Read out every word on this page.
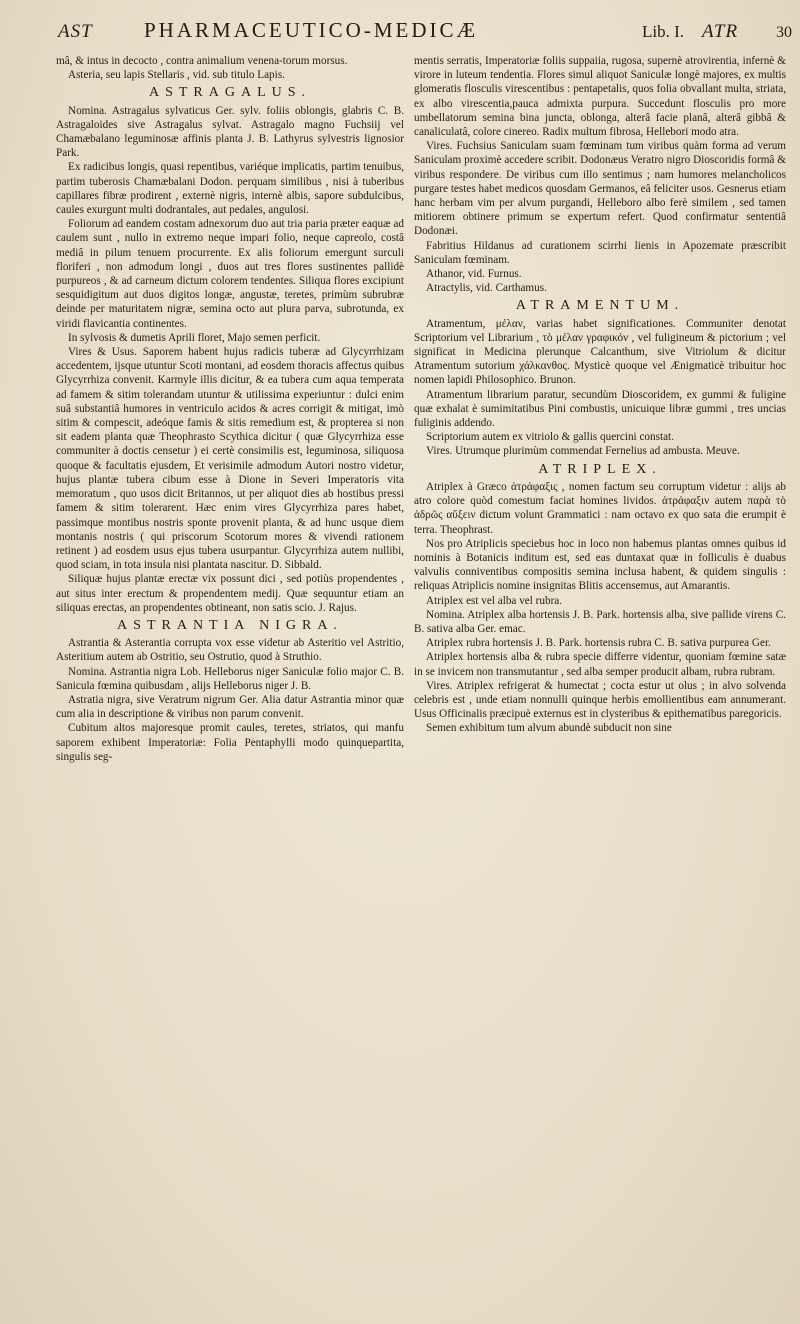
AST	PHARMACEUTICO-MEDICÆ	Lib. I. ATR	30

mâ, & intus in decocto , contra animalium venena-torum morsus.

Asteria, seu lapis Stellaris , vid. sub titulo Lapis.

ASTRAGALUS.

Nomina. Astragalus sylvaticus Ger. sylv. foliis oblongis, glabris C. B. Astragaloides sive Astragalus sylvat. Astragalo magno Fuchsiij vel Chamæbalano leguminosæ affinis planta J. B. Lathyrus sylvestris lignosior Park.

Ex radicibus longis, quasi repentibus, variéque implicatis, partim tenuibus, partim tuberosis Chamæbalani Dodon. perquam similibus , nisi à tuberibus capillares fibræ prodirent , externè nigris, internè albis, sapore subdulcibus, caules exurgunt multi dodrantales, aut pedales, angulosi.

Foliorum ad eandem costam adnexorum duo aut tria paria præter eaquæ ad caulem sunt , nullo in extremo neque impari folio, neque capreolo, costâ mediâ in pilum tenuem procurrente. Ex alis foliorum emergunt surculi floriferi , non admodum longi , duos aut tres flores sustinentes pallidè purpureos , & ad carneum dictum colorem tendentes. Siliqua flores excipiunt sesquidigitum aut duos digitos longæ, angustæ, teretes, primùm subrubræ deinde per maturitatem nigræ, semina octo aut plura parva, subrotunda, ex viridi flavicantia continentes.

In sylvosis & dumetis Aprili floret, Majo semen perficit.

Vires & Usus. Saporem habent hujus radicis tuberæ ad Glycyrrhizam accedentem, ijsque utuntur Scoti montani, ad eosdem thoracis affectus quibus Glycyrrhiza convenit. Karmyle illis dicitur, & ea tubera cum aqua temperata ad famem & sitim tolerandam utuntur & utilissima experiuntur : dulci enim suâ substantiâ humores in ventriculo acidos & acres corrigit & mitigat, imò sitim & compescit, adeóque famis & sitis remedium est, & propterea si non sit eadem planta quæ Theophrasto Scythica dicitur ( quæ Glycyrrhiza esse communiter à doctis censetur ) ei certè consimilis est, leguminosa, siliquosa quoque & facultatis ejusdem, Et verisimile admodum Autori nostro videtur, hujus plantæ tubera cibum esse à Dione in Severi Imperatoris vita memoratum , quo usos dicit Britannos, ut per aliquot dies ab hostibus pressi famem & sitim tolerarent. Hæc enim vires Glycyrrhiza pares habet, passimque montibus nostris sponte provenit planta, & ad hunc usque diem montanis nostris ( qui priscorum Scotorum mores & vivendi rationem retinent ) ad eosdem usus ejus tubera usurpantur. Glycyrrhiza autem nullibi, quod sciam, in tota insula nisi plantata nascitur. D. Sibbald.

Siliquæ hujus plantæ erectæ vix possunt dici , sed potiùs propendentes , aut situs inter erectum & propendentem medij. Quæ sequuntur etiam an siliquas erectas, an propendentes obtineant, non satis scio. J. Rajus.

ASTRANTIA NIGRA.

Astrantia & Asterantia corrupta vox esse videtur ab Asteritio vel Astritio, Asteritium autem ab Ostritio, seu Ostrutio, quod à Struthio.

Nomina. Astrantia nigra Lob. Helleborus niger Saniculæ folio major C. B. Sanicula fœmina quibusdam , alijs Helleborus niger J. B.

Astratia nigra, sive Veratrum nigrum Ger. Alia datur Astrantia minor quæ cum alia in descriptione & viribus non parum convenit.

Cubitum altos majoresque promit caules, teretes, striatos, qui manfu saporem exhibent Imperatoriæ: Folia Pentaphylli modo quinquepartita, singulis seg-

mentis serratis, Imperatoriæ foliis suppaiia, rugosa, supernè atrovirentia, infernè & virore in luteum tendentia. Flores simul aliquot Saniculæ longè majores, ex multis glomeratis flosculis virescentibus : pentapetalis, quos folia obvallant multa, striata, ex albo virescentia,pauca admixta purpura. Succedunt flosculis pro more umbellatorum semina bina juncta, oblonga, alterâ facie planâ, alterâ gibbâ & canaliculatâ, colore cinereo. Radix multum fibrosa, Hellebori modo atra.

Vires. Fuchsius Saniculam suam fœminam tum viribus quàm forma ad verum Saniculam proximè accedere scribit. Dodonæus Veratro nigro Dioscoridis formâ & viribus respondere. De viribus cum illo sentimus ; nam humores melancholicos purgare testes habet medicos quosdam Germanos, eâ feliciter usos. Gesnerus etiam hanc herbam vim per alvum purgandi, Helleboro albo ferè similem , sed tamen mitiorem obtinere primum se expertum refert. Quod confirmatur sententiâ Dodonæi.

Fabritius Hildanus ad curationem scirrhi lienis in Apozemate præscribit Saniculam fœminam.

Athanor, vid. Furnus.

Atractylis, vid. Carthamus.

ATRAMENTUM.

Atramentum, μέλαν, varias habet significationes. Communiter denotat Scriptorium vel Librarium , τὸ μέλαν γραφικόν , vel fuligineum & pictorium ; vel significat in Medicina plerunque Calcanthum, sive Vitriolum & dicitur Atramentum sutorium χάλκανθος. Mysticè quoque vel Ænigmaticè tribuitur hoc nomen lapidi Philosophico. Brunon.

Atramentum librarium paratur, secundùm Dioscoridem, ex gummi & fuligine quæ exhalat è sumimitatibus Pini combustis, unicuique libræ gummi , tres uncias fuliginis addendo.

Scriptorium autem ex vitriolo & gallis quercini constat.

Vires. Utrumque plurimùm commendat Fernelius ad ambusta. Meuve.

ATRIPLEX.

Atriplex à Græco ἀτράφαξις , nomen factum seu corruptum videtur : alijs ab atro colore quòd comestum faciat homines lividos. ἀτράφαξιν autem παρὰ τὸ ἁδρῶς αὔξειν dictum volunt Grammatici : nam octavo ex quo sata die erumpit è terra. Theophrast.

Nos pro Atriplicis speciebus hoc in loco non habemus plantas omnes quibus id nominis à Botanicis inditum est, sed eas duntaxat quæ in folliculis è duabus valvulis conniventibus compositis semina inclusa habent, & quidem singulis : reliquas Atriplicis nomine insignitas Blitis accensemus, aut Amarantis.

Atriplex est vel alba vel rubra.

Nomina. Atriplex alba hortensis J. B. Park. hortensis alba, sive pallide virens C. B. sativa alba Ger. emac.

Atriplex rubra hortensis J. B. Park. hortensis rubra C. B. sativa purpurea Ger.

Atriplex hortensis alba & rubra specie differre videntur, quoniam fœmine satæ in se invicem non transmutantur , sed alba semper producit albam, rubra rubram.

Vires. Atriplex refrigerat & humectat ; cocta estur ut olus ; in alvo solvenda celebris est , unde etiam nonnulli quinque herbis emollientibus eam annumerant. Usus Officinalis præcipuè externus est in clysteribus & epithematibus paregoricis.

Semen exhibitum tum alvum abundè subducit non sine
